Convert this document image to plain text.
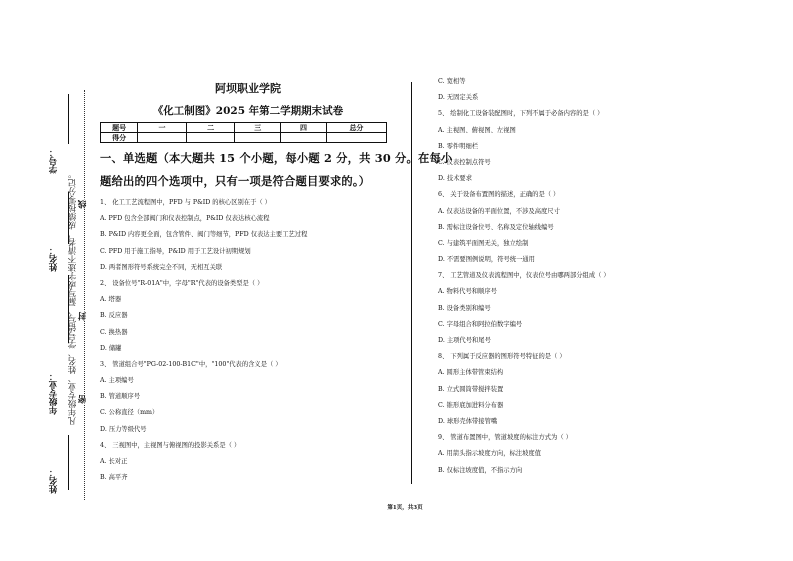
学号：
姓名：
年级专业：
姓名：
凡年级专业、姓名、学号错写、漏写或字迹不清者，成绩按零分记。 线
封
密
阿坝职业学院
《化工制图》2025 年第二学期期末试卷
题号	一	二	三	四	总分
得分					
一、单选题（本大题共 15 个小题，每小题 2 分，共 30 分。在每小
题给出的四个选项中，只有一项是符合题目要求的。）
1、 化工工艺流程图中，PFD 与 P&ID 的核心区别在于（ ）
A. PFD 包含全部阀门和仪表控制点，P&ID 仅表达核心流程
B. P&ID 内容更全面，包含管件、阀门等细节，PFD 仅表达主要工艺过程
C. PFD 用于施工指导，P&ID 用于工艺设计初期规划
D. 两者图形符号系统完全不同，无相互关联
2、 设备位号"R-01A"中，字母"R"代表的设备类型是（ ）
A. 塔器
B. 反应器
C. 换热器
D. 储罐
3、 管道组合号"PG-02-100-B1C"中，"100"代表的含义是（ ）
A. 主项编号
B. 管道顺序号
C. 公称直径（mm）
D. 压力等级代号
4、 三视图中，主视图与俯视图的投影关系是（ ）
A. 长对正
B. 高平齐
C. 宽相等
D. 无固定关系
5、 绘制化工设备装配图时，下列不属于必备内容的是（ ）
A. 主视图、俯视图、左视图
B. 零件明细栏
C. 仪表控制点符号
D. 技术要求
6、 关于设备布置图的描述，正确的是（ ）
A. 仅表达设备的平面位置，不涉及高度尺寸
B. 需标注设备位号、名称及定位轴线编号
C. 与建筑平面图无关，独立绘制
D. 不需要图例说明，符号统一通用
7、 工艺管道及仪表流程图中，仪表位号由哪两部分组成（ ）
A. 物料代号和顺序号
B. 设备类别和编号
C. 字母组合和阿拉伯数字编号
D. 主项代号和尾号
8、 下列属于反应器的图形符号特征的是（ ）
A. 圆形主体带管束结构
B. 立式圆筒带搅拌装置
C. 锥形底加进料分布器
D. 球形壳体带接管嘴
9、 管道布置图中，管道坡度的标注方式为（ ）
A. 用箭头指示坡度方向，标注坡度值
B. 仅标注坡度值，不指示方向
第1页，共3页
